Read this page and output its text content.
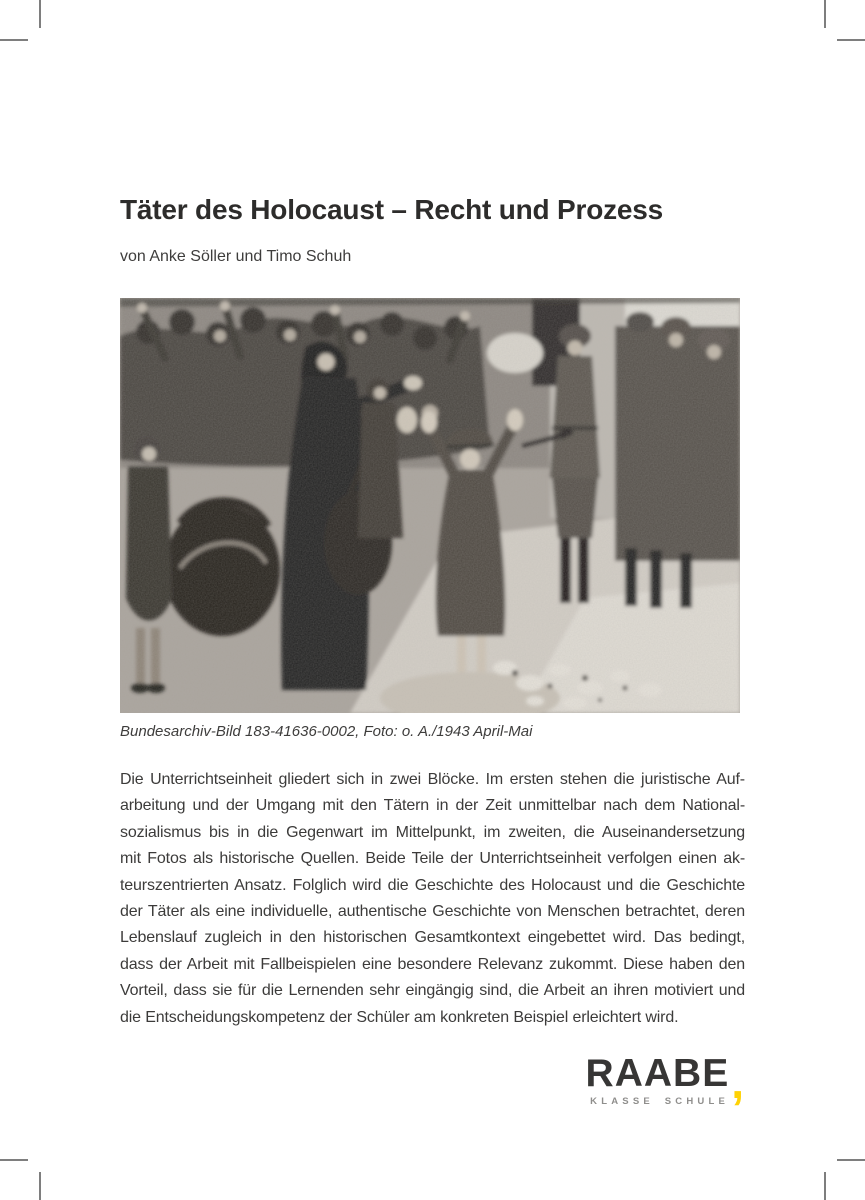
Täter des Holocaust – Recht und Prozess

von Anke Söller und Timo Schuh

Bundesarchiv-Bild 183-41636-0002, Foto: o. A./1943 April-Mai
Die Unterrichtseinheit gliedert sich in zwei Blöcke. Im ersten stehen die juristische Auf-
arbeitung und der Umgang mit den Tätern in der Zeit unmittelbar nach dem National-
sozialismus bis in die Gegenwart im Mittelpunkt, im zweiten, die Auseinandersetzung
mit Fotos als historische Quellen. Beide Teile der Unterrichtseinheit verfolgen einen ak-
teurszentrierten Ansatz. Folglich wird die Geschichte des Holocaust und die Geschichte
der Täter als eine individuelle, authentische Geschichte von Menschen betrachtet, deren
Lebenslauf zugleich in den historischen Gesamtkontext eingebettet wird. Das bedingt,
dass der Arbeit mit Fallbeispielen eine besondere Relevanz zukommt. Diese haben den
Vorteil, dass sie für die Lernenden sehr eingängig sind, die Arbeit an ihren motiviert und
die Entscheidungskompetenz der Schüler am konkreten Beispiel erleichtert wird.
RAABE ,
KLASSE SCHULE
